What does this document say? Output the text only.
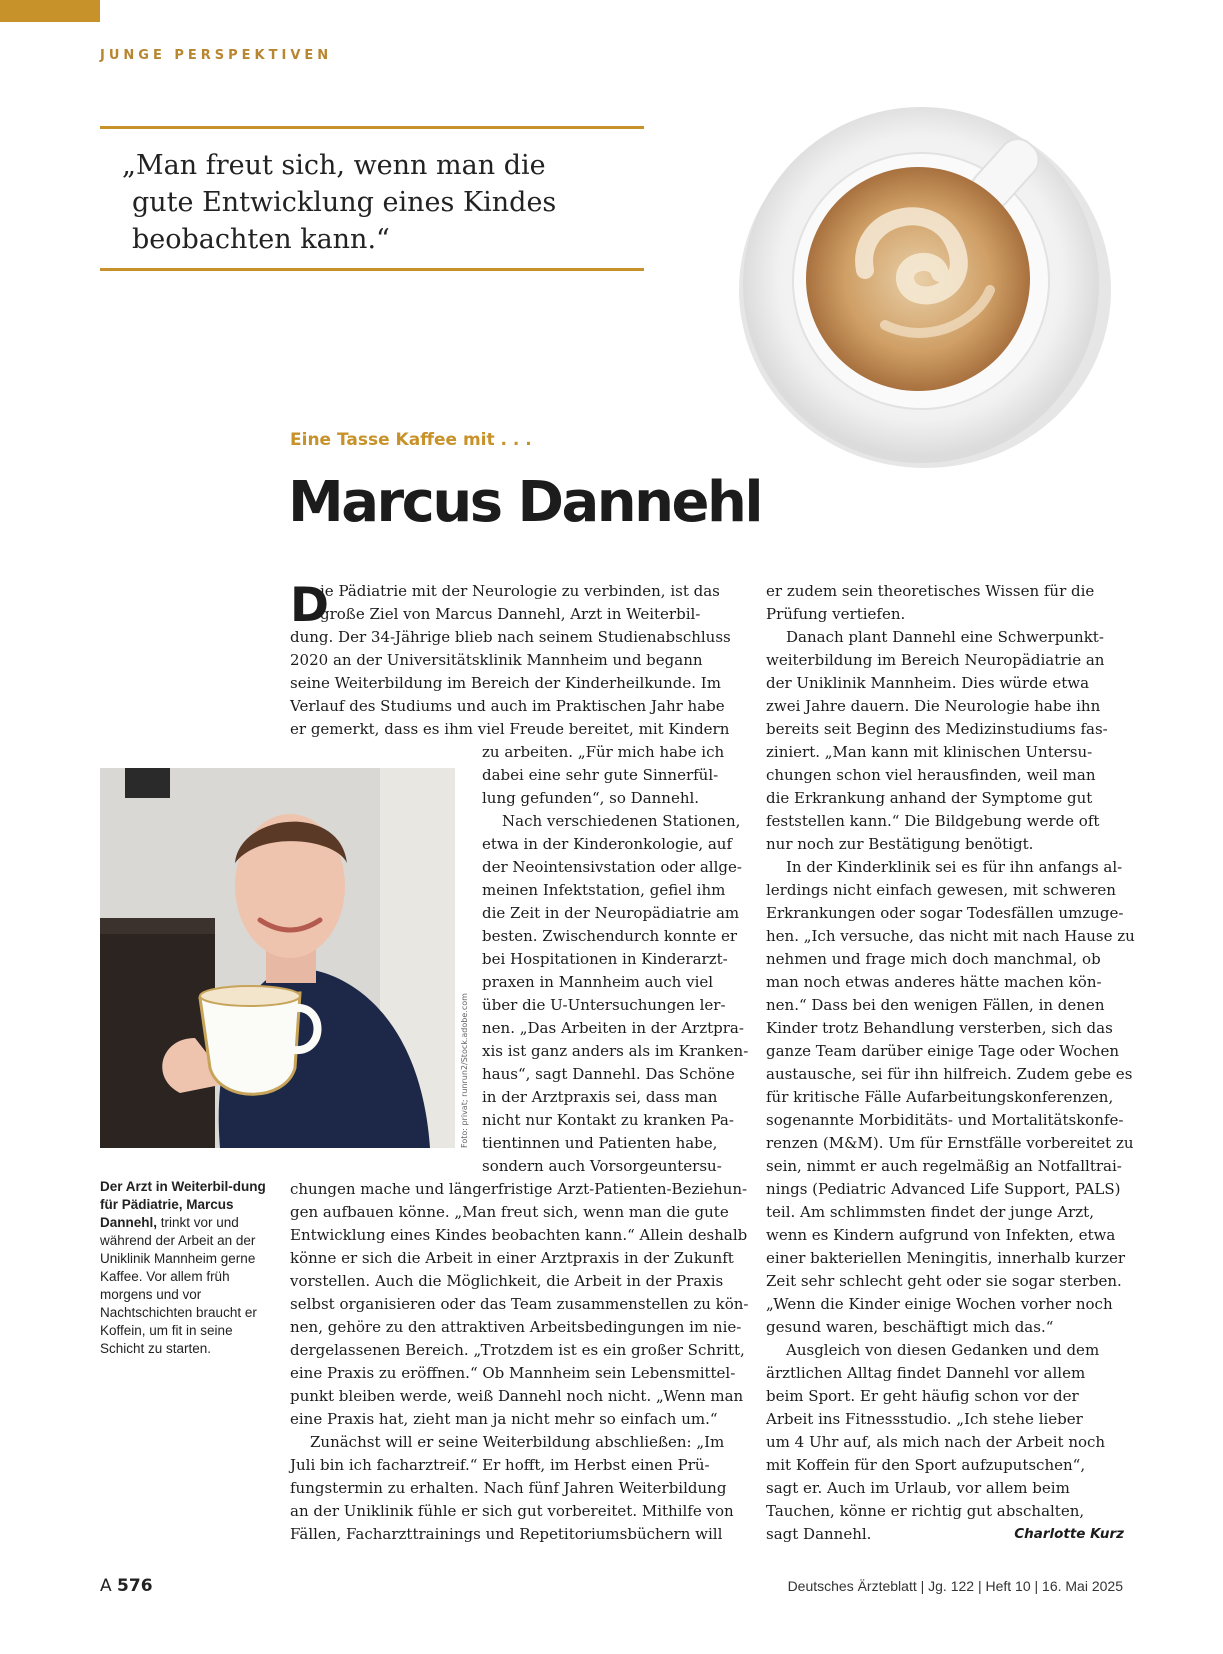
JUNGE PERSPEKTIVEN
„Man freut sich, wenn man die
gute Entwicklung eines Kindes
beobachten kann.“
Eine Tasse Kaffee mit . . .
Marcus Dannehl
Foto: privat; runrun2/Stock.adobe.com
Der Arzt in Weiterbil-dung für Pädiatrie, Marcus Dannehl, trinkt vor und während der Arbeit an der Uniklinik Mannheim gerne Kaffee. Vor allem früh morgens und vor Nachtschichten braucht er Koffein, um fit in seine Schicht zu starten.
D
ie Pädiatrie mit der Neurologie zu verbinden, ist das
große Ziel von Marcus Dannehl, Arzt in Weiterbil-
dung. Der 34-Jährige blieb nach seinem Studienabschluss
2020 an der Universitätsklinik Mannheim und begann
seine Weiterbildung im Bereich der Kinderheilkunde. Im
Verlauf des Studiums und auch im Praktischen Jahr habe
er gemerkt, dass es ihm viel Freude bereitet, mit Kindern
zu arbeiten. „Für mich habe ich
dabei eine sehr gute Sinnerfül-
lung gefunden“, so Dannehl.
Nach verschiedenen Stationen,
etwa in der Kinderonkologie, auf
der Neointensivstation oder allge-
meinen Infektstation, gefiel ihm
die Zeit in der Neuropädiatrie am
besten. Zwischendurch konnte er
bei Hospitationen in Kinderarzt-
praxen in Mannheim auch viel
über die U-Untersuchungen ler-
nen. „Das Arbeiten in der Arztpra-
xis ist ganz anders als im Kranken-
haus“, sagt Dannehl. Das Schöne
in der Arztpraxis sei, dass man
nicht nur Kontakt zu kranken Pa-
tientinnen und Patienten habe,
sondern auch Vorsorgeuntersu-
chungen mache und längerfristige Arzt-Patienten-Beziehun-
gen aufbauen könne. „Man freut sich, wenn man die gute
Entwicklung eines Kindes beobachten kann.“ Allein deshalb
könne er sich die Arbeit in einer Arztpraxis in der Zukunft
vorstellen. Auch die Möglichkeit, die Arbeit in der Praxis
selbst organisieren oder das Team zusammenstellen zu kön-
nen, gehöre zu den attraktiven Arbeitsbedingungen im nie-
dergelassenen Bereich. „Trotzdem ist es ein großer Schritt,
eine Praxis zu eröffnen.“ Ob Mannheim sein Lebensmittel-
punkt bleiben werde, weiß Dannehl noch nicht. „Wenn man
eine Praxis hat, zieht man ja nicht mehr so einfach um.“
Zunächst will er seine Weiterbildung abschließen: „Im
Juli bin ich facharztreif.“ Er hofft, im Herbst einen Prü-
fungstermin zu erhalten. Nach fünf Jahren Weiterbildung
an der Uniklinik fühle er sich gut vorbereitet. Mithilfe von
Fällen, Facharzttrainings und Repetitoriumsbüchern will
er zudem sein theoretisches Wissen für die
Prüfung vertiefen.
Danach plant Dannehl eine Schwerpunkt-
weiterbildung im Bereich Neuropädiatrie an
der Uniklinik Mannheim. Dies würde etwa
zwei Jahre dauern. Die Neurologie habe ihn
bereits seit Beginn des Medizinstudiums fas-
ziniert. „Man kann mit klinischen Untersu-
chungen schon viel herausfinden, weil man
die Erkrankung anhand der Symptome gut
feststellen kann.“ Die Bildgebung werde oft
nur noch zur Bestätigung benötigt.
In der Kinderklinik sei es für ihn anfangs al-
lerdings nicht einfach gewesen, mit schweren
Erkrankungen oder sogar Todesfällen umzuge-
hen. „Ich versuche, das nicht mit nach Hause zu
nehmen und frage mich doch manchmal, ob
man noch etwas anderes hätte machen kön-
nen.“ Dass bei den wenigen Fällen, in denen
Kinder trotz Behandlung versterben, sich das
ganze Team darüber einige Tage oder Wochen
austausche, sei für ihn hilfreich. Zudem gebe es
für kritische Fälle Aufarbeitungskonferenzen,
sogenannte Morbiditäts- und Mortalitätskonfe-
renzen (M&M). Um für Ernstfälle vorbereitet zu
sein, nimmt er auch regelmäßig an Notfalltrai-
nings (Pediatric Advanced Life Support, PALS)
teil. Am schlimmsten findet der junge Arzt,
wenn es Kindern aufgrund von Infekten, etwa
einer bakteriellen Meningitis, innerhalb kurzer
Zeit sehr schlecht geht oder sie sogar sterben.
„Wenn die Kinder einige Wochen vorher noch
gesund waren, beschäftigt mich das.“
Ausgleich von diesen Gedanken und dem
ärztlichen Alltag findet Dannehl vor allem
beim Sport. Er geht häufig schon vor der
Arbeit ins Fitnessstudio. „Ich stehe lieber
um 4 Uhr auf, als mich nach der Arbeit noch
mit Koffein für den Sport aufzuputschen“,
sagt er. Auch im Urlaub, vor allem beim
Tauchen, könne er richtig gut abschalten,
sagt Dannehl.	Charlotte Kurz
A 576	Deutsches Ärzteblatt | Jg. 122 | Heft 10 | 16. Mai 2025
